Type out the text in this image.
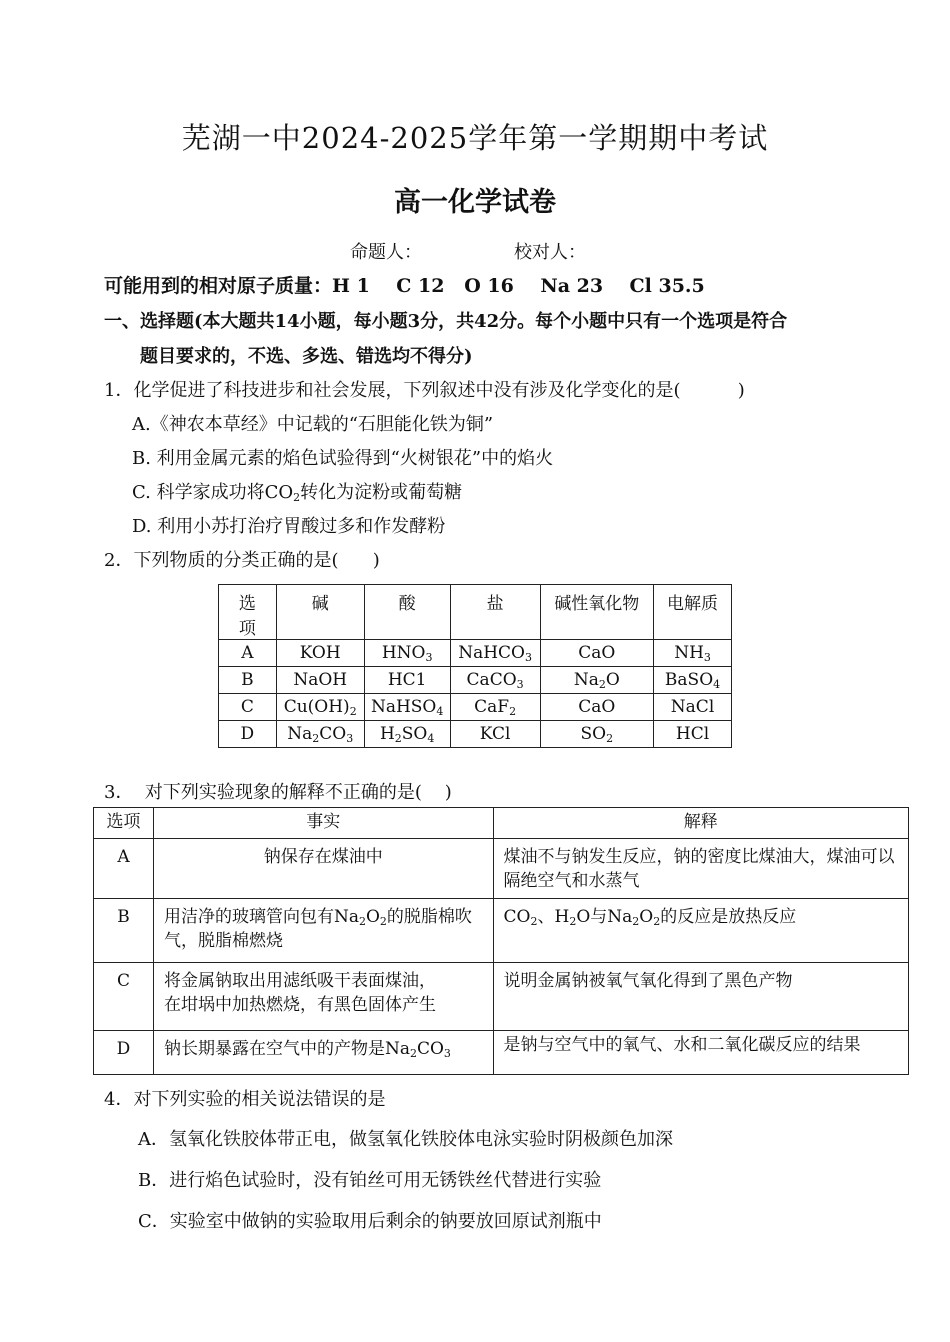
芜湖一中2024-2025学年第一学期期中考试
高一化学试卷
命题人：	校对人：
可能用到的相对原子质量：H 1    C 12   O 16    Na 23    Cl 35.5
一、选择题(本大题共14小题，每小题3分，共42分。每个小题中只有一个选项是符合
题目要求的，不选、多选、错选均不得分)
1．化学促进了科技进步和社会发展，下列叙述中没有涉及化学变化的是(          )
A.《神农本草经》中记载的“石胆能化铁为铜”
B. 利用金属元素的焰色试验得到“火树银花”中的焰火
C. 科学家成功将$CO_2$转化为淀粉或葡萄糖
D. 利用小苏打治疗胃酸过多和作发酵粉
2．下列物质的分类正确的是(      )
选
项	碱	酸	盐	碱性氧化物	电解质
A	KOH	$HNO_3$	NaHCO$_3$	CaO	$NH_3$
B	NaOH	HC1	CaCO$_3$	$Na_2O$	BaSO$_4$
C	$Cu(OH)_2$	NaHSO$_4$	CaF$_2$	CaO	NaCl
D	$Na_2CO_3$	$H_2SO_4$	KCl	$SO_2$	HCl
3．  对下列实验现象的解释不正确的是(    )
选项	事实	解释
A	钠保存在煤油中	煤油不与钠发生反应，钠的密度比煤油大，煤油可以隔绝空气和水蒸气
B	用洁净的玻璃管向包有$Na_2O_2$的脱脂棉吹气，脱脂棉燃烧	$CO_2$、$H_2O$与$Na_2O_2$的反应是放热反应
C	将金属钠取出用滤纸吸干表面煤油，
在坩埚中加热燃烧，有黑色固体产生	说明金属钠被氧气氧化得到了黑色产物
D	钠长期暴露在空气中的产物是$Na_2CO_3$	是钠与空气中的氧气、水和二氧化碳反应的结果
4．对下列实验的相关说法错误的是
A．氢氧化铁胶体带正电，做氢氧化铁胶体电泳实验时阴极颜色加深
B．进行焰色试验时，没有铂丝可用无锈铁丝代替进行实验
C．实验室中做钠的实验取用后剩余的钠要放回原试剂瓶中
